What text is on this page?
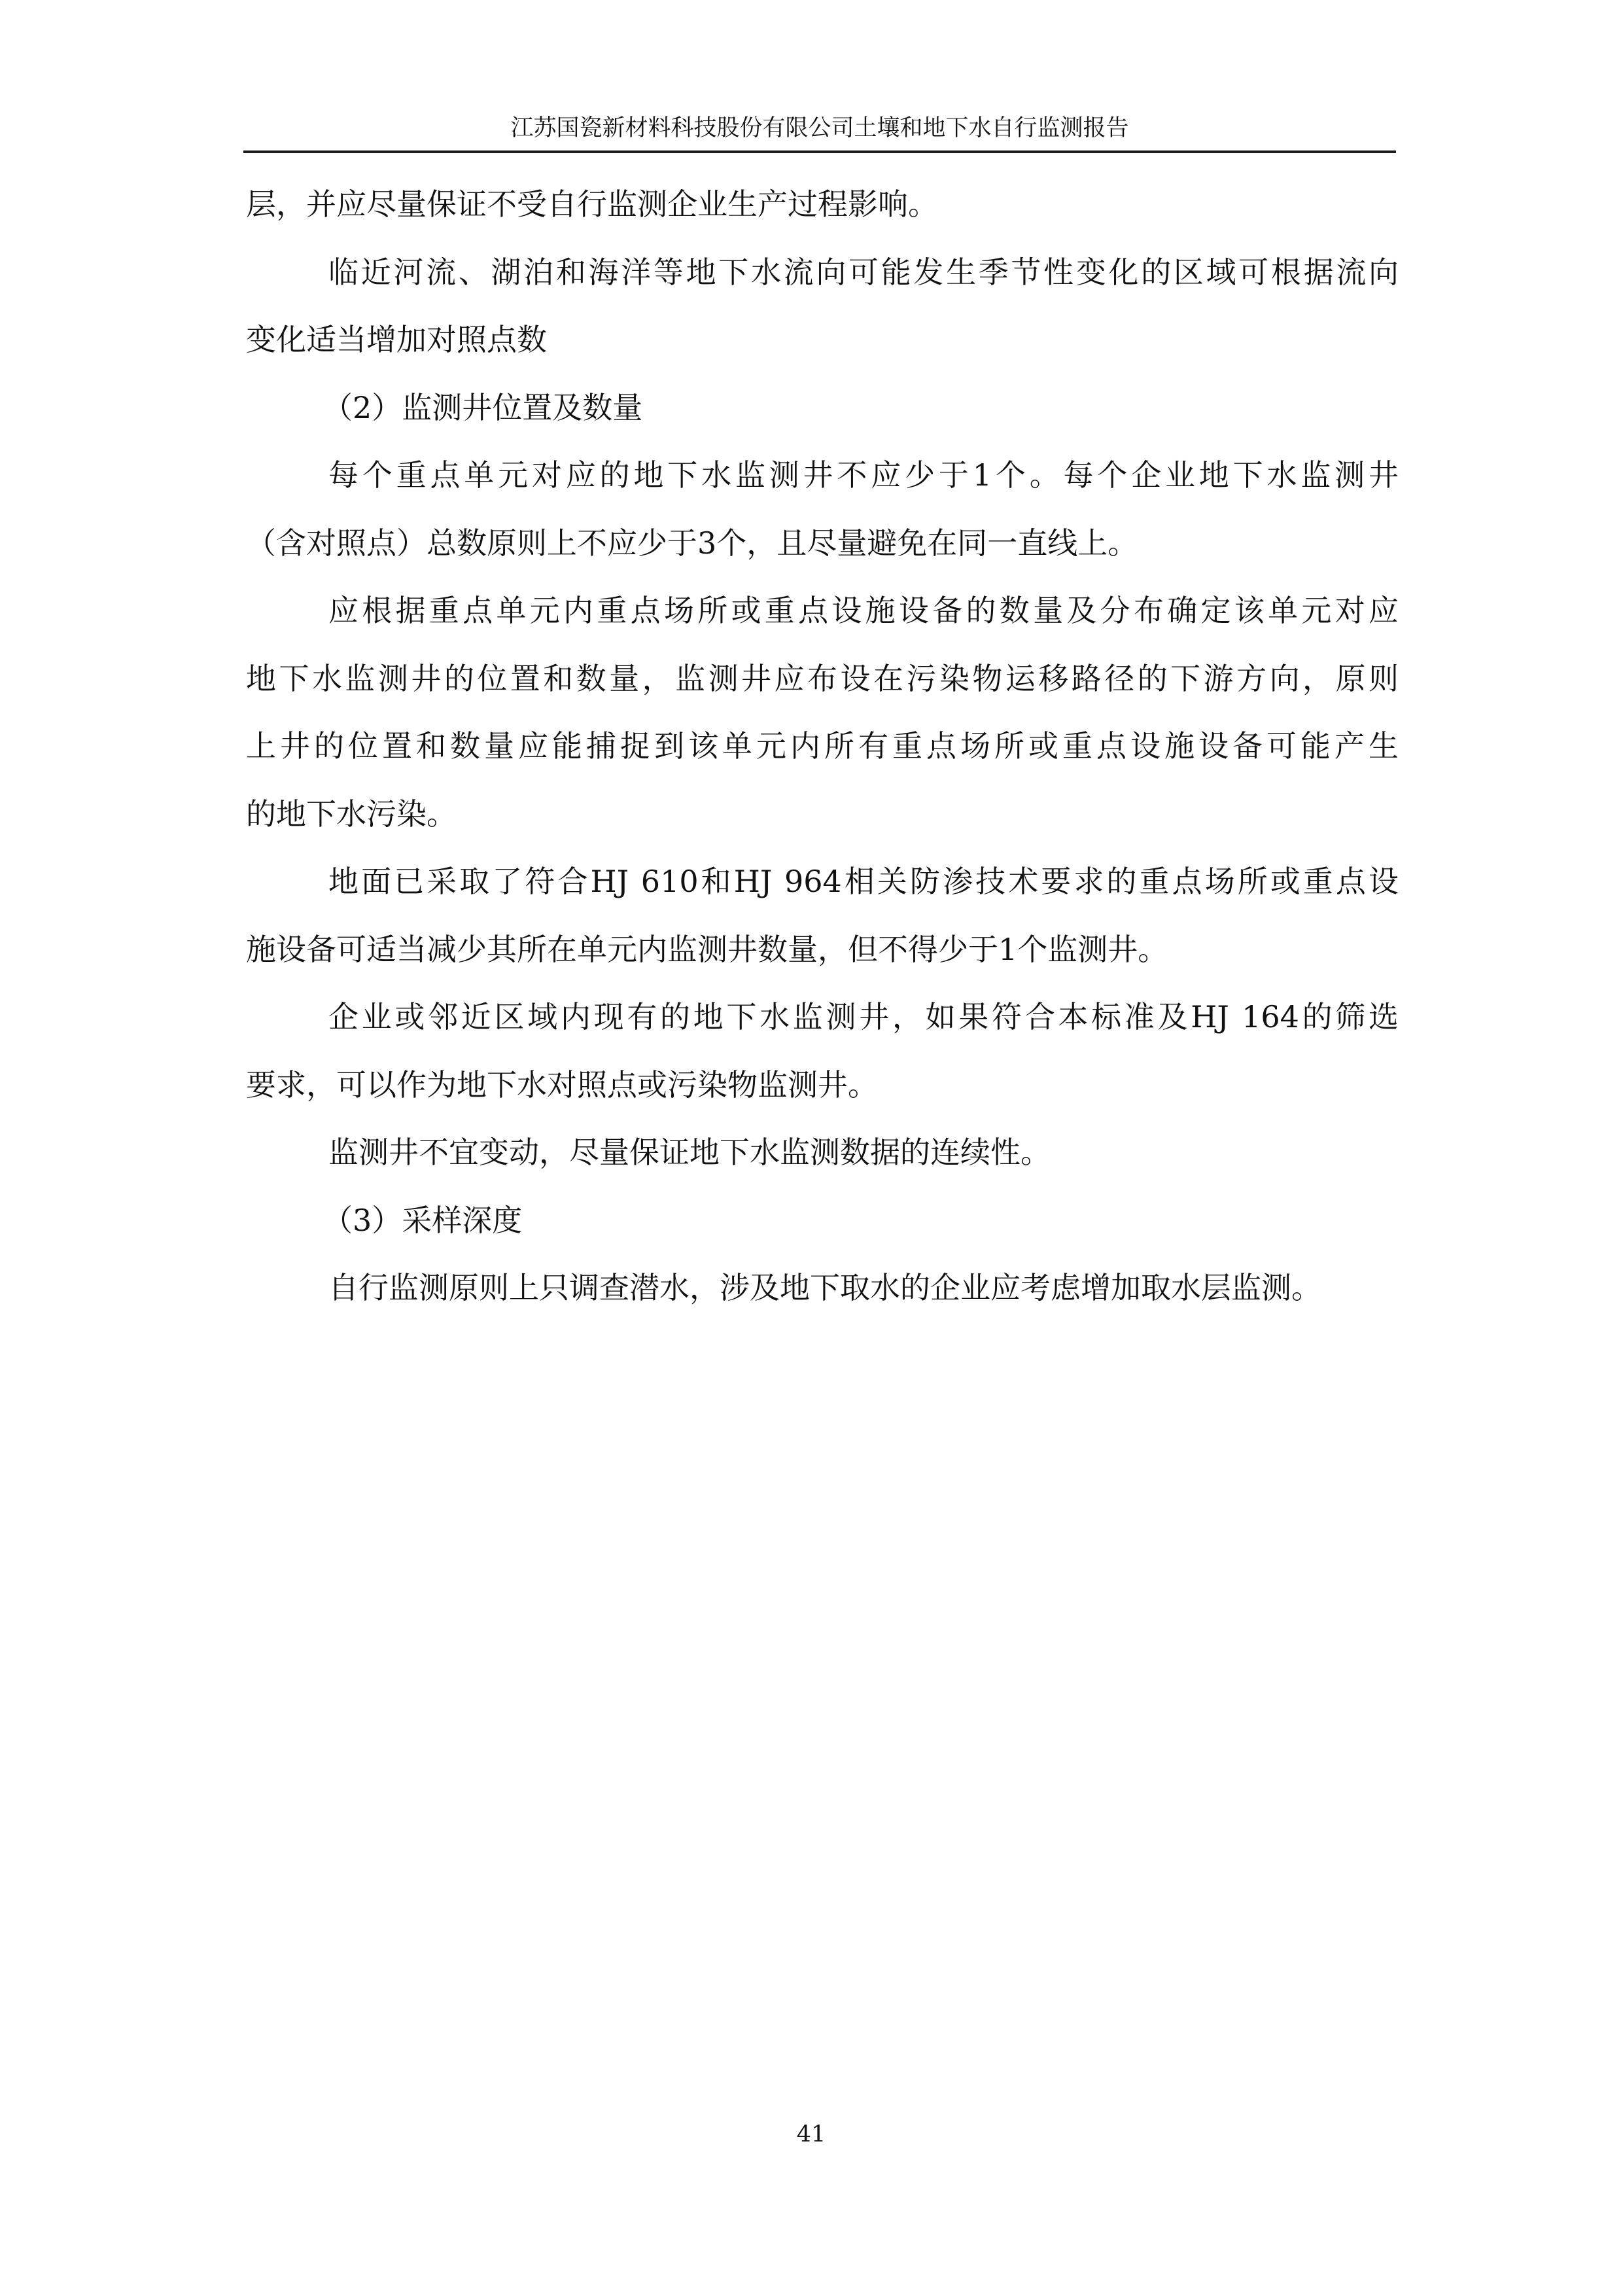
江苏国瓷新材料科技股份有限公司土壤和地下水自行监测报告
层，并应尽量保证不受自行监测企业生产过程影响。
临近河流、湖泊和海洋等地下水流向可能发生季节性变化的区域可根据流向
变化适当增加对照点数
（2）监测井位置及数量
每个重点单元对应的地下水监测井不应少于1个。每个企业地下水监测井
（含对照点）总数原则上不应少于3个，且尽量避免在同一直线上。
应根据重点单元内重点场所或重点设施设备的数量及分布确定该单元对应
地下水监测井的位置和数量，监测井应布设在污染物运移路径的下游方向，原则
上井的位置和数量应能捕捉到该单元内所有重点场所或重点设施设备可能产生
的地下水污染。
地面已采取了符合HJ 610和HJ 964相关防渗技术要求的重点场所或重点设
施设备可适当减少其所在单元内监测井数量，但不得少于1个监测井。
企业或邻近区域内现有的地下水监测井，如果符合本标准及HJ 164的筛选
要求，可以作为地下水对照点或污染物监测井。
监测井不宜变动，尽量保证地下水监测数据的连续性。
（3）采样深度
自行监测原则上只调查潜水，涉及地下取水的企业应考虑增加取水层监测。
41
